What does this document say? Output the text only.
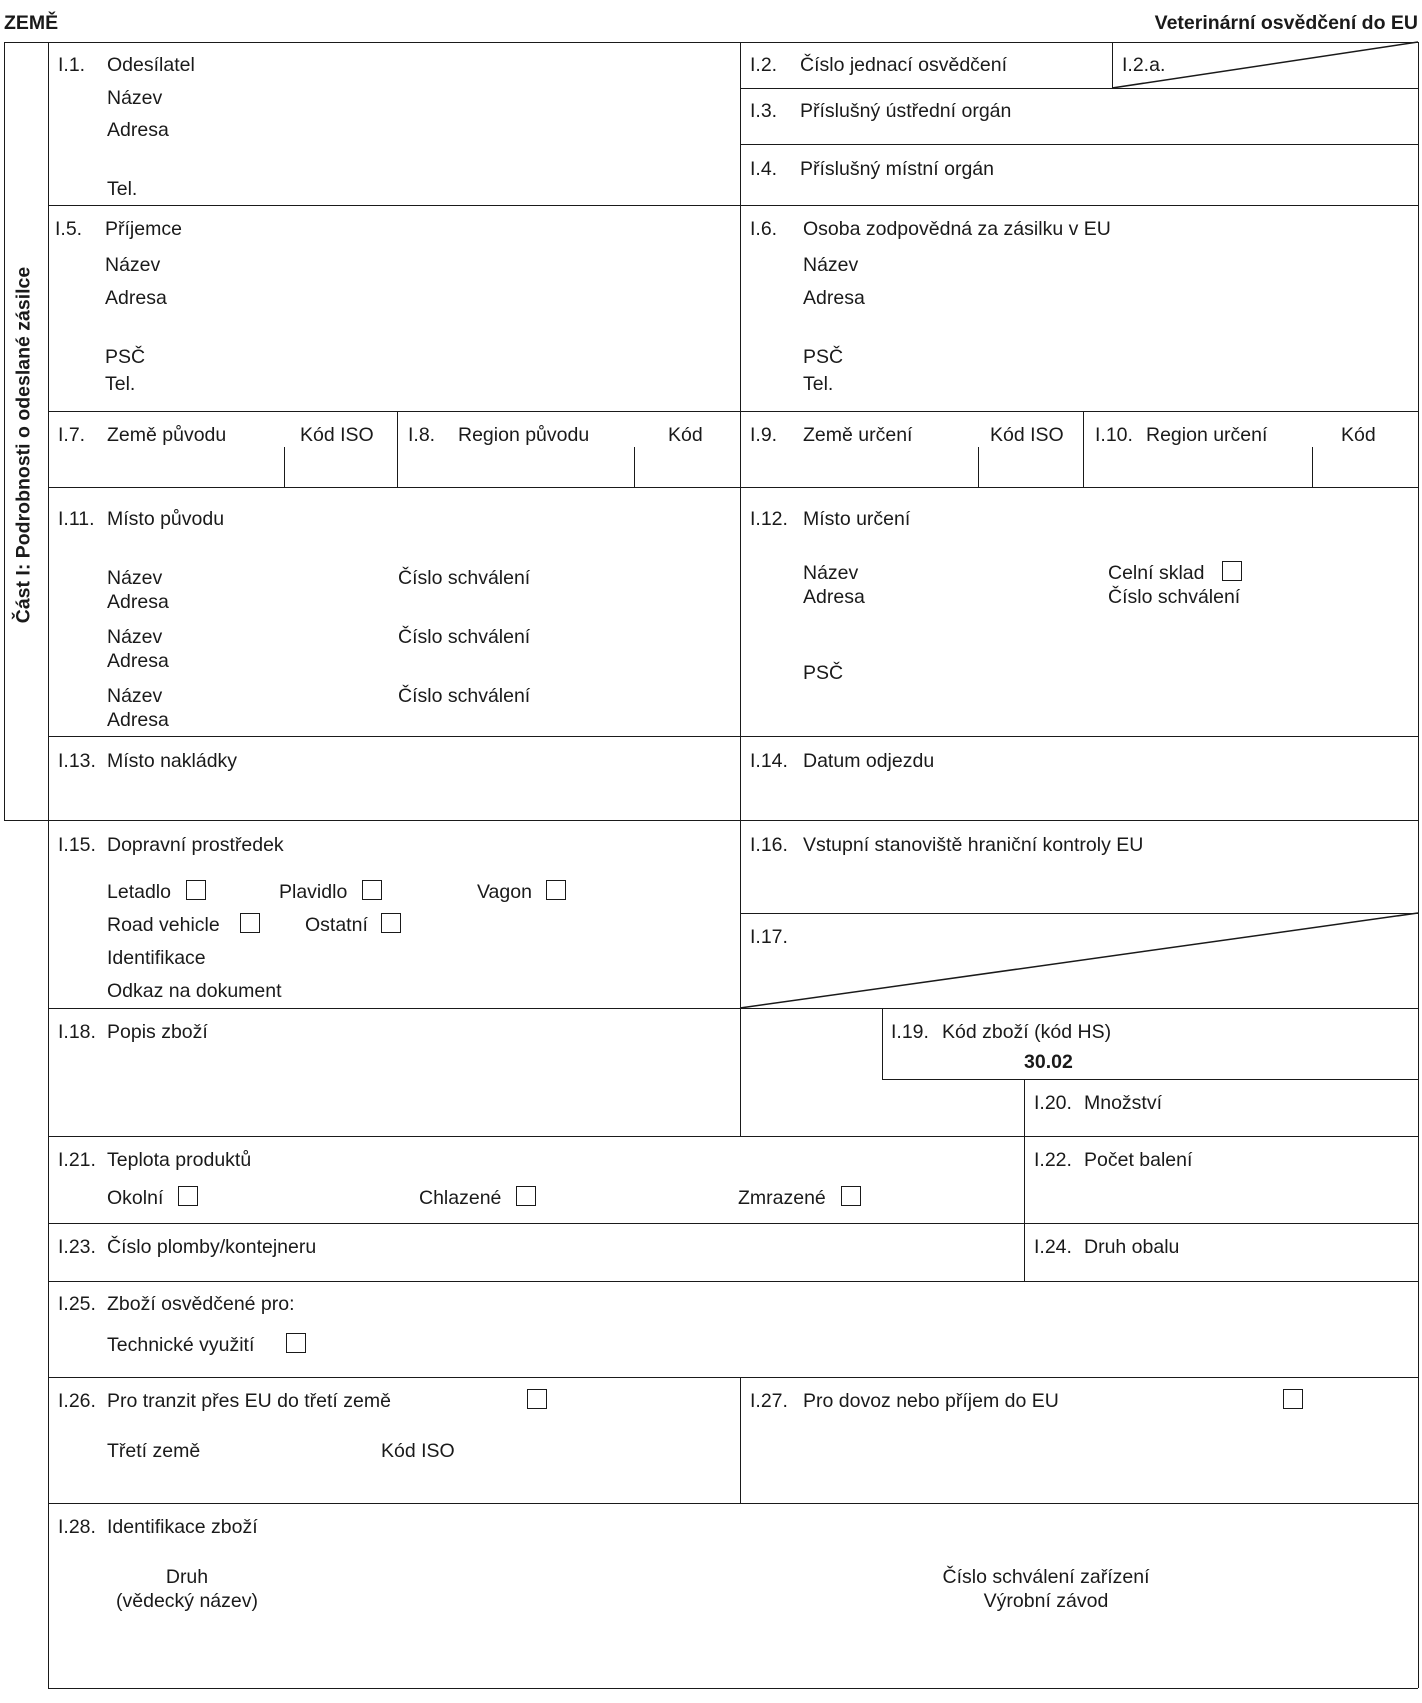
ZEMĚ	Veterinární osvědčení do EU
Část I: Podrobnosti o odeslané zásilce
I.1. Odesílatel
Název
Adresa
Tel.
I.2. Číslo jednací osvědčení	I.2.a.
I.3. Příslušný ústřední orgán
I.4. Příslušný místní orgán
I.5. Příjemce
Název
Adresa
PSČ
Tel.
I.6. Osoba zodpovědná za zásilku v EU
Název
Adresa
PSČ
Tel.
I.7. Země původu	Kód ISO I.8. Region původu	Kód I.9. Země určení	Kód ISO I.10. Region určení	Kód
I.11. Místo původu
Název	Číslo schválení
Adresa
Název	Číslo schválení
Adresa
Název	Číslo schválení
Adresa
I.12. Místo určení
Název	Celní sklad
Adresa	Číslo schválení
PSČ
I.13. Místo nakládky	I.14. Datum odjezdu
I.15. Dopravní prostředek
Letadlo	Plavidlo	Vagon
Road vehicle	Ostatní
Identifikace
Odkaz na dokument
I.16. Vstupní stanoviště hraniční kontroly EU
I.17.
I.18. Popis zboží	I.19. Kód zboží (kód HS)
30.02
I.20. Množství
I.21. Teplota produktů
Okolní	Chlazené	Zmrazené
I.22. Počet balení
I.23. Číslo plomby/kontejneru	I.24. Druh obalu
I.25. Zboží osvědčené pro:
Technické využití
I.26. Pro tranzit přes EU do třetí země
Třetí země	Kód ISO
I.27. Pro dovoz nebo příjem do EU
I.28. Identifikace zboží
Druh
(vědecký název)
Číslo schválení zařízení
Výrobní závod
